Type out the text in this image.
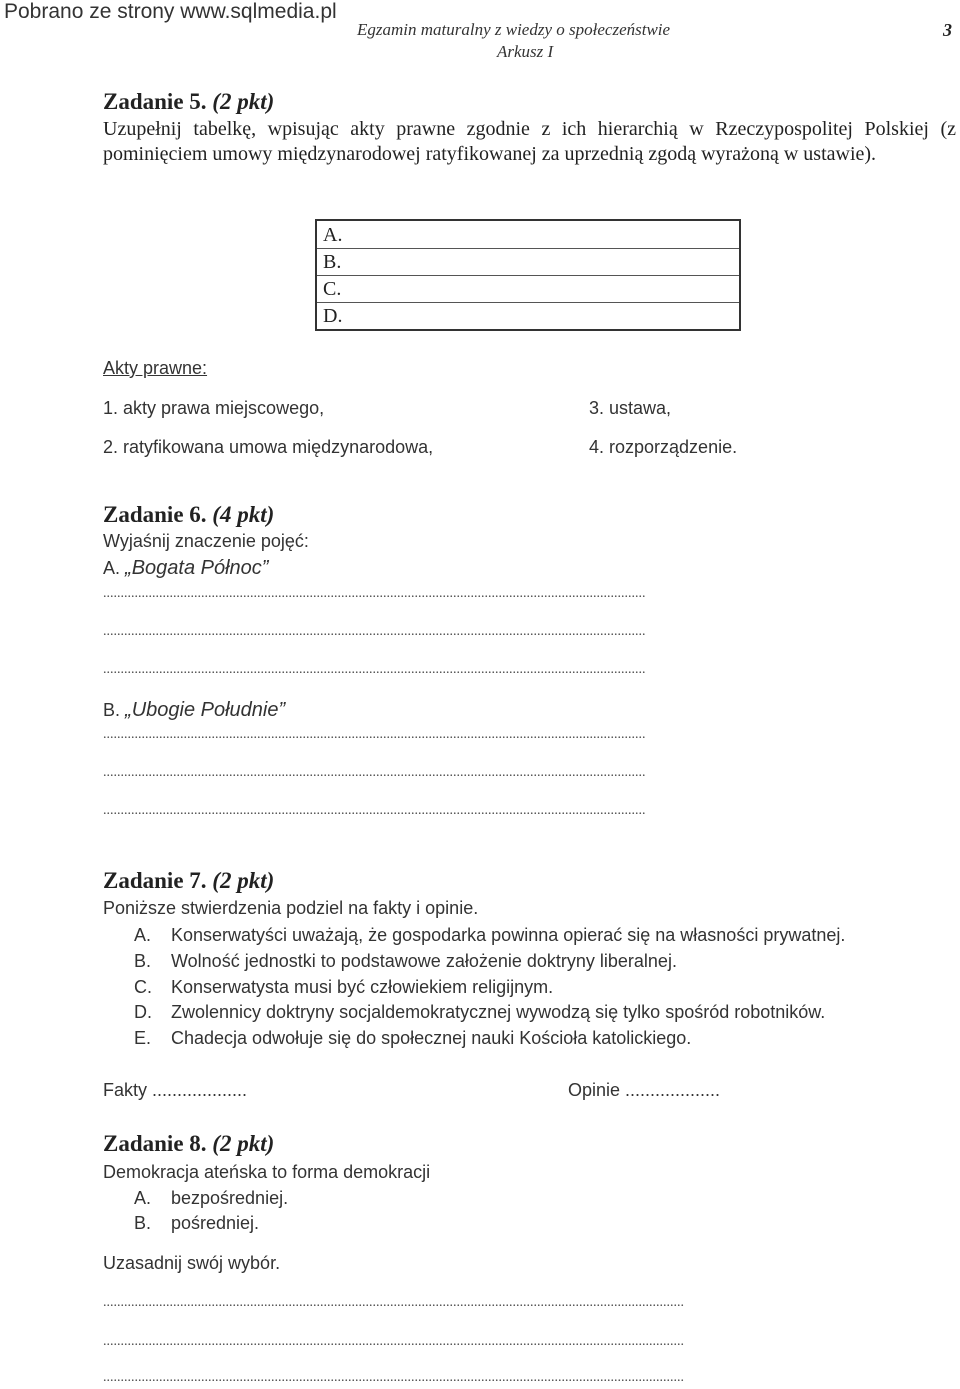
Pobrano ze strony www.sqlmedia.pl
Egzamin maturalny z wiedzy o społeczeństwie
Arkusz I
3
Zadanie 5. (2 pkt)
Uzupełnij tabelkę, wpisując akty prawne zgodnie z ich hierarchią w Rzeczypospolitej Polskiej (z pominięciem umowy międzynarodowej ratyfikowanej za uprzednią zgodą wyrażoną w ustawie).
A.
B.
C.
D.
Akty prawne:
1. akty prawa miejscowego,
2. ratyfikowana umowa międzynarodowa,
3. ustawa,
4. rozporządzenie.
Zadanie 6. (4 pkt)
Wyjaśnij znaczenie pojęć:
A. „Bogata Północ”
...........................................................................................................................................................
...........................................................................................................................................................
...........................................................................................................................................................
B. „Ubogie Południe”
...........................................................................................................................................................
...........................................................................................................................................................
...........................................................................................................................................................
Zadanie 7. (2 pkt)
Poniższe stwierdzenia podziel na fakty i opinie.
A. Konserwatyści uważają, że gospodarka powinna opierać się na własności prywatnej.
B. Wolność jednostki to podstawowe założenie doktryny liberalnej.
C. Konserwatysta musi być człowiekiem religijnym.
D. Zwolennicy doktryny socjaldemokratycznej wywodzą się tylko spośród robotników.
E. Chadecja odwołuje się do społecznej nauki Kościoła katolickiego.
Fakty ...................	Opinie ...................
Zadanie 8. (2 pkt)
Demokracja ateńska to forma demokracji
A. bezpośredniej.
B. pośredniej.
Uzasadnij swój wybór.
......................................................................................................................................................................
......................................................................................................................................................................
......................................................................................................................................................................
